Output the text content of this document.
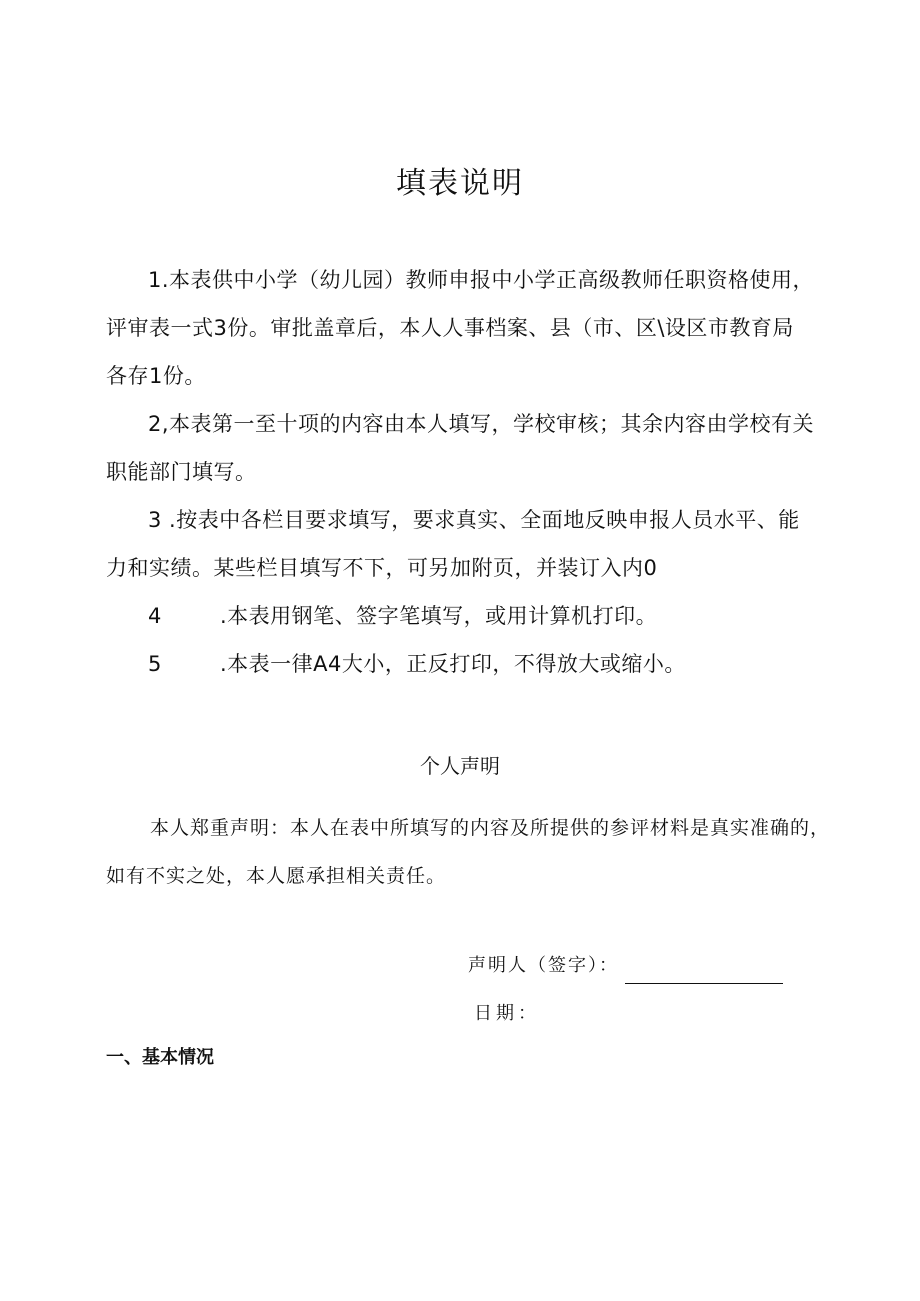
填表说明

1.本表供中小学（幼儿园）教师申报中小学正高级教师任职资格使用，

评审表一式3份。审批盖章后，本人人事档案、县（市、区\设区市教育局

各存1份。

2,本表第一至十项的内容由本人填写，学校审核；其余内容由学校有关

职能部门填写。

3 .按表中各栏目要求填写，要求真实、全面地反映申报人员水平、能

力和实绩。某些栏目填写不下，可另加附页，并装订入内0

4	.本表用钢笔、签字笔填写，或用计算机打印。

5	.本表一律A4大小，正反打印，不得放大或缩小。

个人声明

本人郑重声明：本人在表中所填写的内容及所提供的参评材料是真实准确的，

如有不实之处，本人愿承担相关责任。

声明人（签字）：
日期：
一、基本情况
